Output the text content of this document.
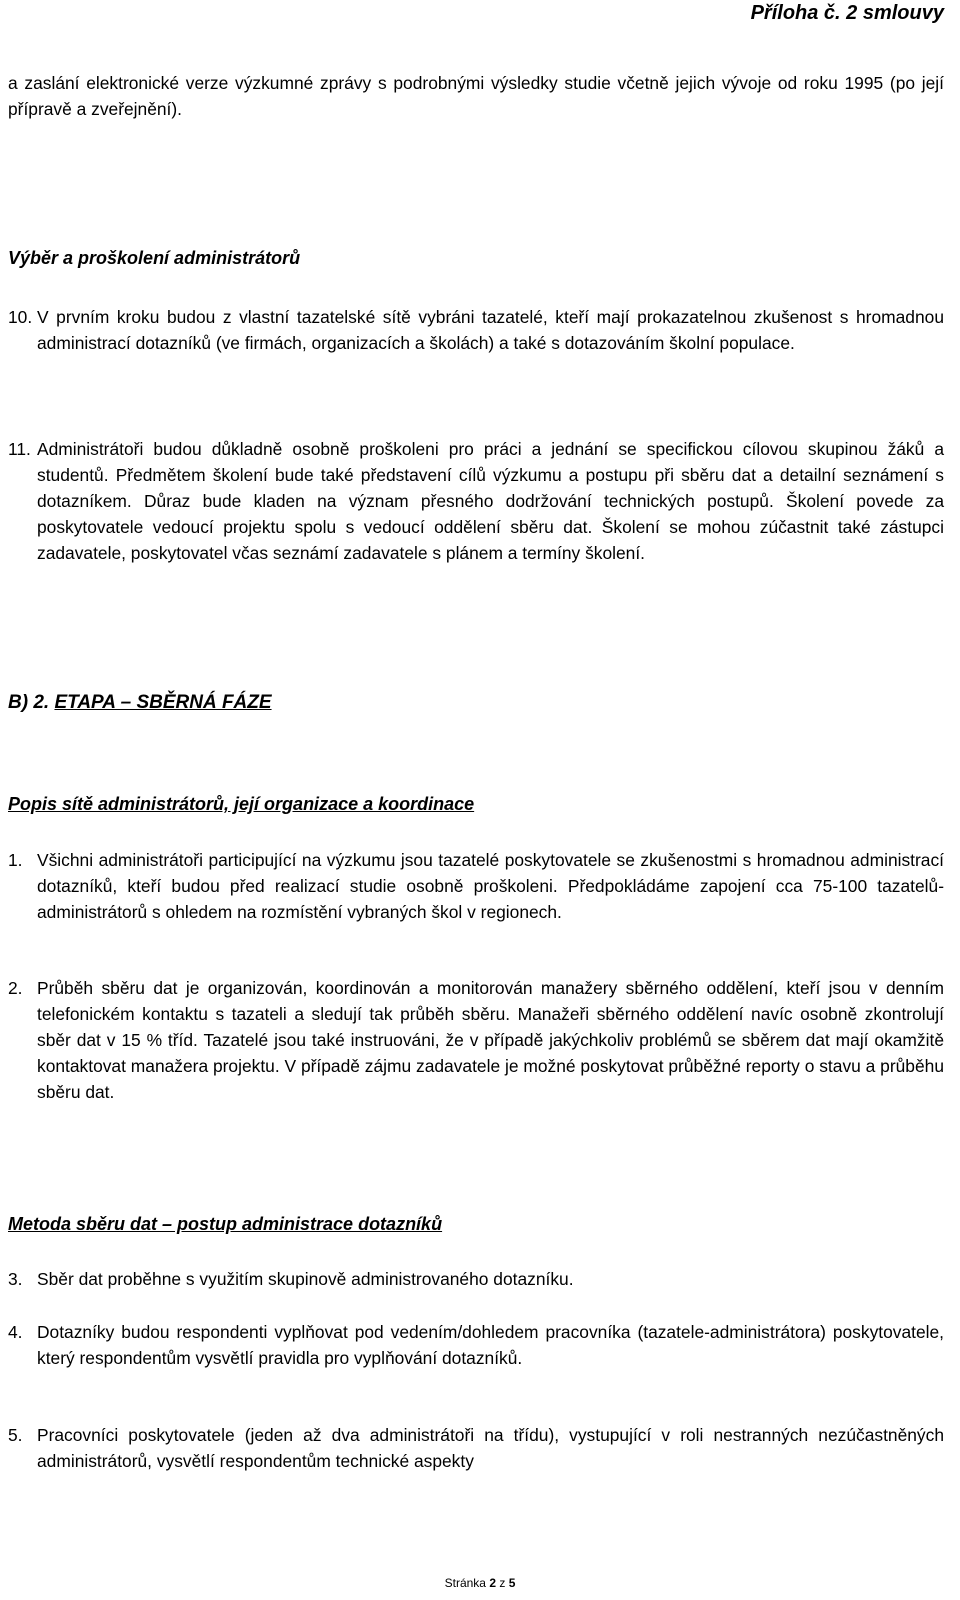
Příloha č. 2 smlouvy
a zaslání elektronické verze výzkumné zprávy s podrobnými výsledky studie včetně jejich vývoje od roku 1995 (po její přípravě a zveřejnění).
Výběr a proškolení administrátorů
10. V prvním kroku budou z vlastní tazatelské sítě vybráni tazatelé, kteří mají prokazatelnou zkušenost s hromadnou administrací dotazníků (ve firmách, organizacích a školách) a také s dotazováním školní populace.
11. Administrátoři budou důkladně osobně proškoleni pro práci a jednání se specifickou cílovou skupinou žáků a studentů. Předmětem školení bude také představení cílů výzkumu a postupu při sběru dat a detailní seznámení s dotazníkem. Důraz bude kladen na význam přesného dodržování technických postupů. Školení povede za poskytovatele vedoucí projektu spolu s vedoucí oddělení sběru dat. Školení se mohou zúčastnit také zástupci zadavatele, poskytovatel včas seznámí zadavatele s plánem a termíny školení.
B) 2. ETAPA – SBĚRNÁ FÁZE
Popis sítě administrátorů, její organizace a koordinace
1. Všichni administrátoři participující na výzkumu jsou tazatelé poskytovatele se zkušenostmi s hromadnou administrací dotazníků, kteří budou před realizací studie osobně proškoleni. Předpokládáme zapojení cca 75-100 tazatelů-administrátorů s ohledem na rozmístění vybraných škol v regionech.
2. Průběh sběru dat je organizován, koordinován a monitorován manažery sběrného oddělení, kteří jsou v denním telefonickém kontaktu s tazateli a sledují tak průběh sběru. Manažeři sběrného oddělení navíc osobně zkontrolují sběr dat v 15 % tříd. Tazatelé jsou také instruováni, že v případě jakýchkoliv problémů se sběrem dat mají okamžitě kontaktovat manažera projektu. V případě zájmu zadavatele je možné poskytovat průběžné reporty o stavu a průběhu sběru dat.
Metoda sběru dat – postup administrace dotazníků
3. Sběr dat proběhne s využitím skupinově administrovaného dotazníku.
4. Dotazníky budou respondenti vyplňovat pod vedením/dohledem pracovníka (tazatele-administrátora) poskytovatele, který respondentům vysvětlí pravidla pro vyplňování dotazníků.
5. Pracovníci poskytovatele (jeden až dva administrátoři na třídu), vystupující v roli nestranných nezúčastněných administrátorů, vysvětlí respondentům technické aspekty
Stránka 2 z 5
